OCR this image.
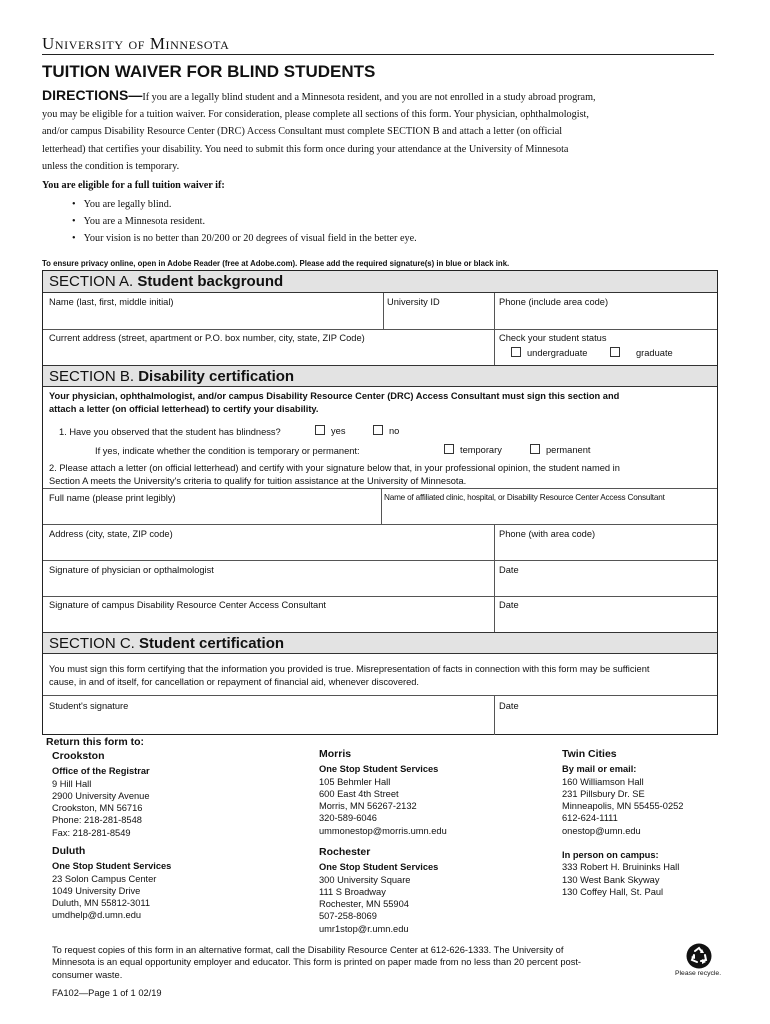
University of Minnesota
TUITION WAIVER FOR BLIND STUDENTS
DIRECTIONS—If you are a legally blind student and a Minnesota resident, and you are not enrolled in a study abroad program,
you may be eligible for a tuition waiver. For consideration, please complete all sections of this form. Your physician, ophthalmologist,
and/or campus Disability Resource Center (DRC) Access Consultant must complete SECTION B and attach a letter (on official
letterhead) that certifies your disability. You need to submit this form once during your attendance at the University of Minnesota
unless the condition is temporary.
You are eligible for a full tuition waiver if:
• You are legally blind.
• You are a Minnesota resident.
• Your vision is no better than 20/200 or 20 degrees of visual field in the better eye.
To ensure privacy online, open in Adobe Reader (free at Adobe.com). Please add the required signature(s) in blue or black ink.
SECTION A. Student background
Name (last, first, middle initial)	University ID	Phone (include area code)
Current address (street, apartment or P.O. box number, city, state, ZIP Code)	Check your student status
undergraduate	graduate
SECTION B. Disability certification
Your physician, ophthalmologist, and/or campus Disability Resource Center (DRC) Access Consultant must sign this section and
attach a letter (on official letterhead) to certify your disability.
1. Have you observed that the student has blindness?	yes	no
If yes, indicate whether the condition is temporary or permanent:	temporary	permanent
2. Please attach a letter (on official letterhead) and certify with your signature below that, in your professional opinion, the student named in
Section A meets the University's criteria to qualify for tuition assistance at the University of Minnesota.
Full name (please print legibly)	Name of affiliated clinic, hospital, or Disability Resource Center Access Consultant
Address (city, state, ZIP code)	Phone (with area code)
Signature of physician or opthalmologist	Date
Signature of campus Disability Resource Center Access Consultant	Date
SECTION C. Student certification
You must sign this form certifying that the information you provided is true. Misrepresentation of facts in connection with this form may be sufficient
cause, in and of itself, for cancellation or repayment of financial aid, whenever discovered.
Student's signature	Date
Return this form to:
Crookston
Office of the Registrar
9 Hill Hall
2900 University Avenue
Crookston, MN 56716
Phone: 218-281-8548
Fax: 218-281-8549
Duluth
One Stop Student Services
23 Solon Campus Center
1049 University Drive
Duluth, MN 55812-3011
umdhelp@d.umn.edu
Morris
One Stop Student Services
105 Behmler Hall
600 East 4th Street
Morris, MN 56267-2132
320-589-6046
ummonestop@morris.umn.edu
Rochester
One Stop Student Services
300 University Square
111 S Broadway
Rochester, MN 55904
507-258-8069
umr1stop@r.umn.edu
Twin Cities
By mail or email:
160 Williamson Hall
231 Pillsbury Dr. SE
Minneapolis, MN 55455-0252
612-624-1111
onestop@umn.edu
In person on campus:
333 Robert H. Bruininks Hall
130 West Bank Skyway
130 Coffey Hall, St. Paul
To request copies of this form in an alternative format, call the Disability Resource Center at 612-626-1333. The University of
Minnesota is an equal opportunity employer and educator. This form is printed on paper made from no less than 20 percent post-
consumer waste.
FA102—Page 1 of 1 02/19
Please recycle.
